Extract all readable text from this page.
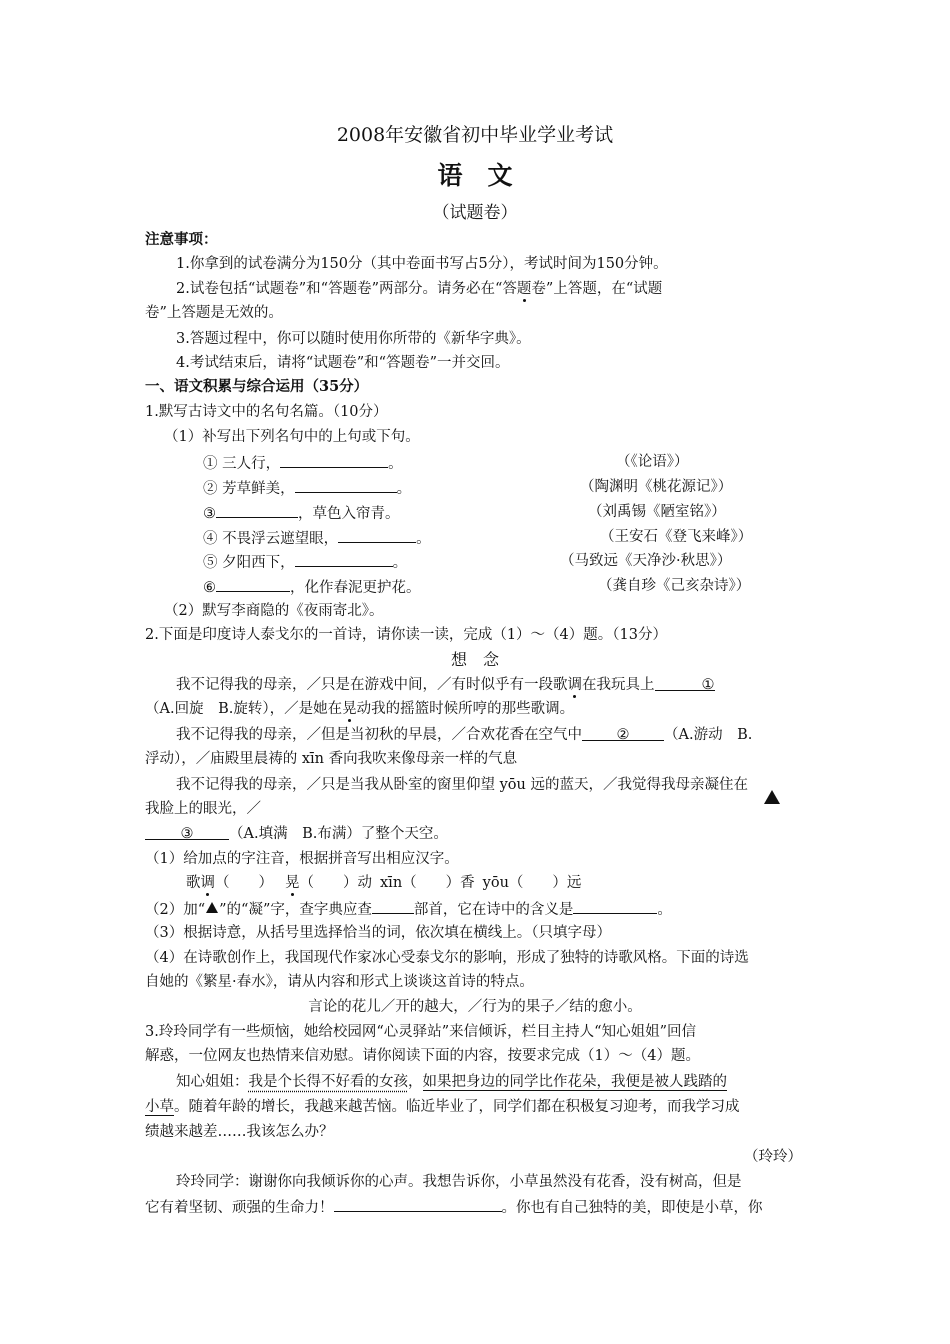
2008年安徽省初中毕业学业考试
语　文
（试题卷）
注意事项：
1.你拿到的试卷满分为150分（其中卷面书写占5分），考试时间为150分钟。
2.试卷包括“试题卷”和“答题卷”两部分。请务必在“答题卷”上答题，在“试题
卷”上答题是无效的。
3.答题过程中，你可以随时使用你所带的《新华字典》。
4.考试结束后，请将“试题卷”和“答题卷”一并交回。
一、语文积累与综合运用（35分）
1.默写古诗文中的名句名篇。（10分）
（1）补写出下列名句中的上句或下句。
① 三人行，	。	（《论语》）
② 芳草鲜美，	。	（陶渊明《桃花源记》）
③	，草色入帘青。	（刘禹锡《陋室铭》）
④ 不畏浮云遮望眼，	。	（王安石《登飞来峰》）
⑤ 夕阳西下，	。	（马致远《天净沙·秋思》）
⑥	，化作春泥更护花。	（龚自珍《己亥杂诗》）
（2）默写李商隐的《夜雨寄北》。
2.下面是印度诗人泰戈尔的一首诗，请你读一读，完成（1）～（4）题。（13分）
想　念
我不记得我的母亲，／只是在游戏中间，／有时似乎有一段歌调在我玩具上	①
（A.回旋　B.旋转），／是她在晃动我的摇篮时候所哼的那些歌调。
我不记得我的母亲，／但是当初秋的早晨，／合欢花香在空气中 ② （A.游动　B.
浮动），／庙殿里晨祷的 xīn 香向我吹来像母亲一样的气息
我不记得我的母亲，／只是当我从卧室的窗里仰望 yōu 远的蓝天，／我觉得我母亲凝住在
我脸上的眼光，／
③ （A.填满　B.布满）了整个天空。
（1）给加点的字注音，根据拼音写出相应汉字。
歌调（　　） 晃（　　）动 xīn（　　）香 yōu（　　）远
（2）加“ ”的“凝”字，查字典应查	部首，它在诗中的含义是	。
（3）根据诗意，从括号里选择恰当的词，依次填在横线上。（只填字母）
（4）在诗歌创作上，我国现代作家冰心受泰戈尔的影响，形成了独特的诗歌风格。下面的诗选
自她的《繁星·春水》，请从内容和形式上谈谈这首诗的特点。
言论的花儿／开的越大，／行为的果子／结的愈小。
3.玲玲同学有一些烦恼，她给校园网“心灵驿站”来信倾诉，栏目主持人“知心姐姐”回信
解惑，一位网友也热情来信劝慰。请你阅读下面的内容，按要求完成（1）～（4）题。
知心姐姐：我是个长得不好看的女孩，如果把身边的同学比作花朵，我便是被人践踏的
小草。随着年龄的增长，我越来越苦恼。临近毕业了，同学们都在积极复习迎考，而我学习成
绩越来越差……我该怎么办？
（玲玲）
玲玲同学：谢谢你向我倾诉你的心声。我想告诉你，小草虽然没有花香，没有树高，但是
它有着坚韧、顽强的生命力！	。你也有自己独特的美，即使是小草，你
